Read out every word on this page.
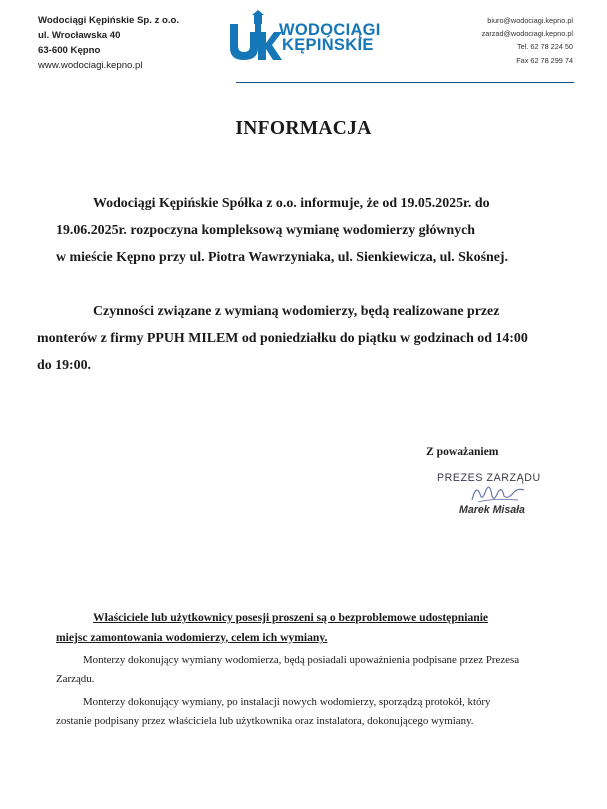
Wodociągi Kępińskie Sp. z o.o.
ul. Wrocławska 40
63-600 Kępno
www.wodociagi.kepno.pl
WODOCIĄGI
KĘPIŃSKIE
biuro@wodociagi.kepno.pl
zarzad@wodociagi.kepno.pl
Tel. 62 78 224 50
Fax 62 78 299 74
INFORMACJA
Wodociągi Kępińskie Spółka z o.o. informuje, że od 19.05.2025r. do
19.06.2025r. rozpoczyna kompleksową wymianę wodomierzy głównych
w mieście Kępno przy ul. Piotra Wawrzyniaka, ul. Sienkiewicza, ul. Skośnej.
Czynności związane z wymianą wodomierzy, będą realizowane przez
monterów z firmy PPUH MILEM od poniedziałku do piątku w godzinach od 14:00
do 19:00.
Z poważaniem
PREZES ZARZĄDU
Marek Misała
Właściciele lub użytkownicy posesji proszeni są o bezproblemowe udostępnianie
miejsc zamontowania wodomierzy, celem ich wymiany.
Monterzy dokonujący wymiany wodomierza, będą posiadali upoważnienia podpisane przez Prezesa
Zarządu.
Monterzy dokonujący wymiany, po instalacji nowych wodomierzy, sporządzą protokół, który
zostanie podpisany przez właściciela lub użytkownika oraz instalatora, dokonującego wymiany.
